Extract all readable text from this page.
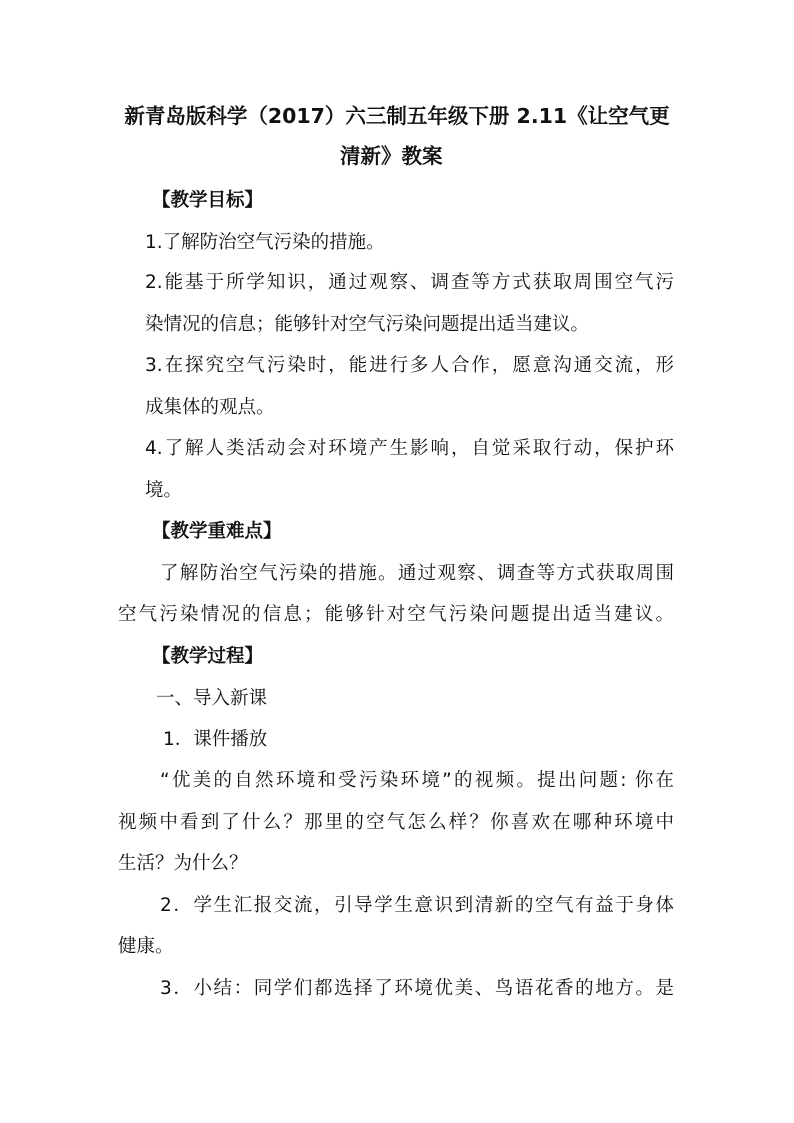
新青岛版科学（2017）六三制五年级下册 2.11《让空气更
清新》教案
【教学目标】
1.了解防治空气污染的措施。
2.能基于所学知识，通过观察、调查等方式获取周围空气污
染情况的信息；能够针对空气污染问题提出适当建议。
3.在探究空气污染时，能进行多人合作，愿意沟通交流，形
成集体的观点。
4.了解人类活动会对环境产生影响，自觉采取行动，保护环
境。
【教学重难点】
了解防治空气污染的措施。通过观察、调查等方式获取周围
空气污染情况的信息；能够针对空气污染问题提出适当建议。
【教学过程】
一、导入新课
1．课件播放
“优美的自然环境和受污染环境”的视频。提出问题: 你在
视频中看到了什么？那里的空气怎么样？你喜欢在哪种环境中
生活？为什么？
2．学生汇报交流，引导学生意识到清新的空气有益于身体
健康。
3．小结：同学们都选择了环境优美、鸟语花香的地方。是
